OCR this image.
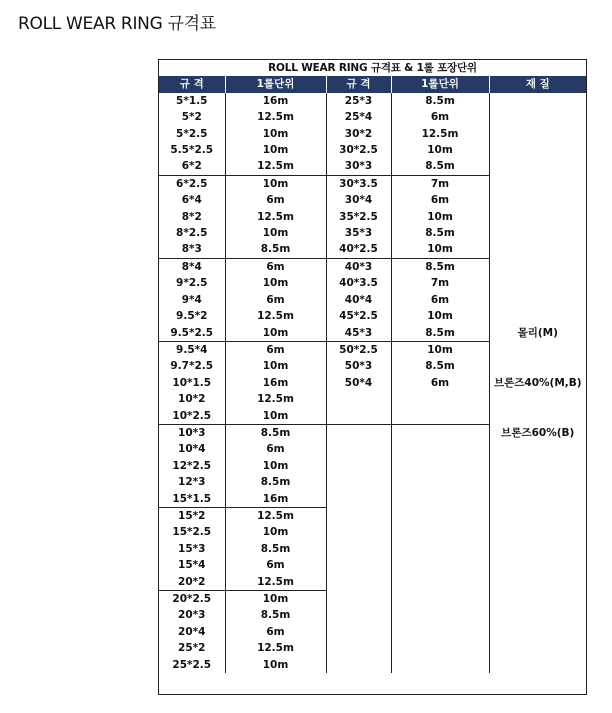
ROLL WEAR RING 규격표
ROLL WEAR RING 규격표 & 1롤 포장단위				
규 격	1롤단위	규 격	1롤단위	재 질
5*1.5	16m	25*3	8.5m	몰리(M)
브론즈40%(M,B)
브론즈60%(B)

5*2	12.5m	25*4	6m	
5*2.5	10m	30*2	12.5m	
5.5*2.5	10m	30*2.5	10m	
6*2	12.5m	30*3	8.5m	
6*2.5	10m	30*3.5	7m	
6*4	6m	30*4	6m	
8*2	12.5m	35*2.5	10m	
8*2.5	10m	35*3	8.5m	
8*3	8.5m	40*2.5	10m	
8*4	6m	40*3	8.5m	
9*2.5	10m	40*3.5	7m	
9*4	6m	40*4	6m	
9.5*2	12.5m	45*2.5	10m	
9.5*2.5	10m	45*3	8.5m	
9.5*4	6m	50*2.5	10m	
9.7*2.5	10m	50*3	8.5m	
10*1.5	16m	50*4	6m	
10*2	12.5m			
10*2.5	10m			
10*3	8.5m			
10*4	6m			
12*2.5	10m			
12*3	8.5m			
15*1.5	16m			
15*2	12.5m			
15*2.5	10m			
15*3	8.5m			
15*4	6m			
20*2	12.5m			
20*2.5	10m			
20*3	8.5m			
20*4	6m			
25*2	12.5m			
25*2.5	10m			
